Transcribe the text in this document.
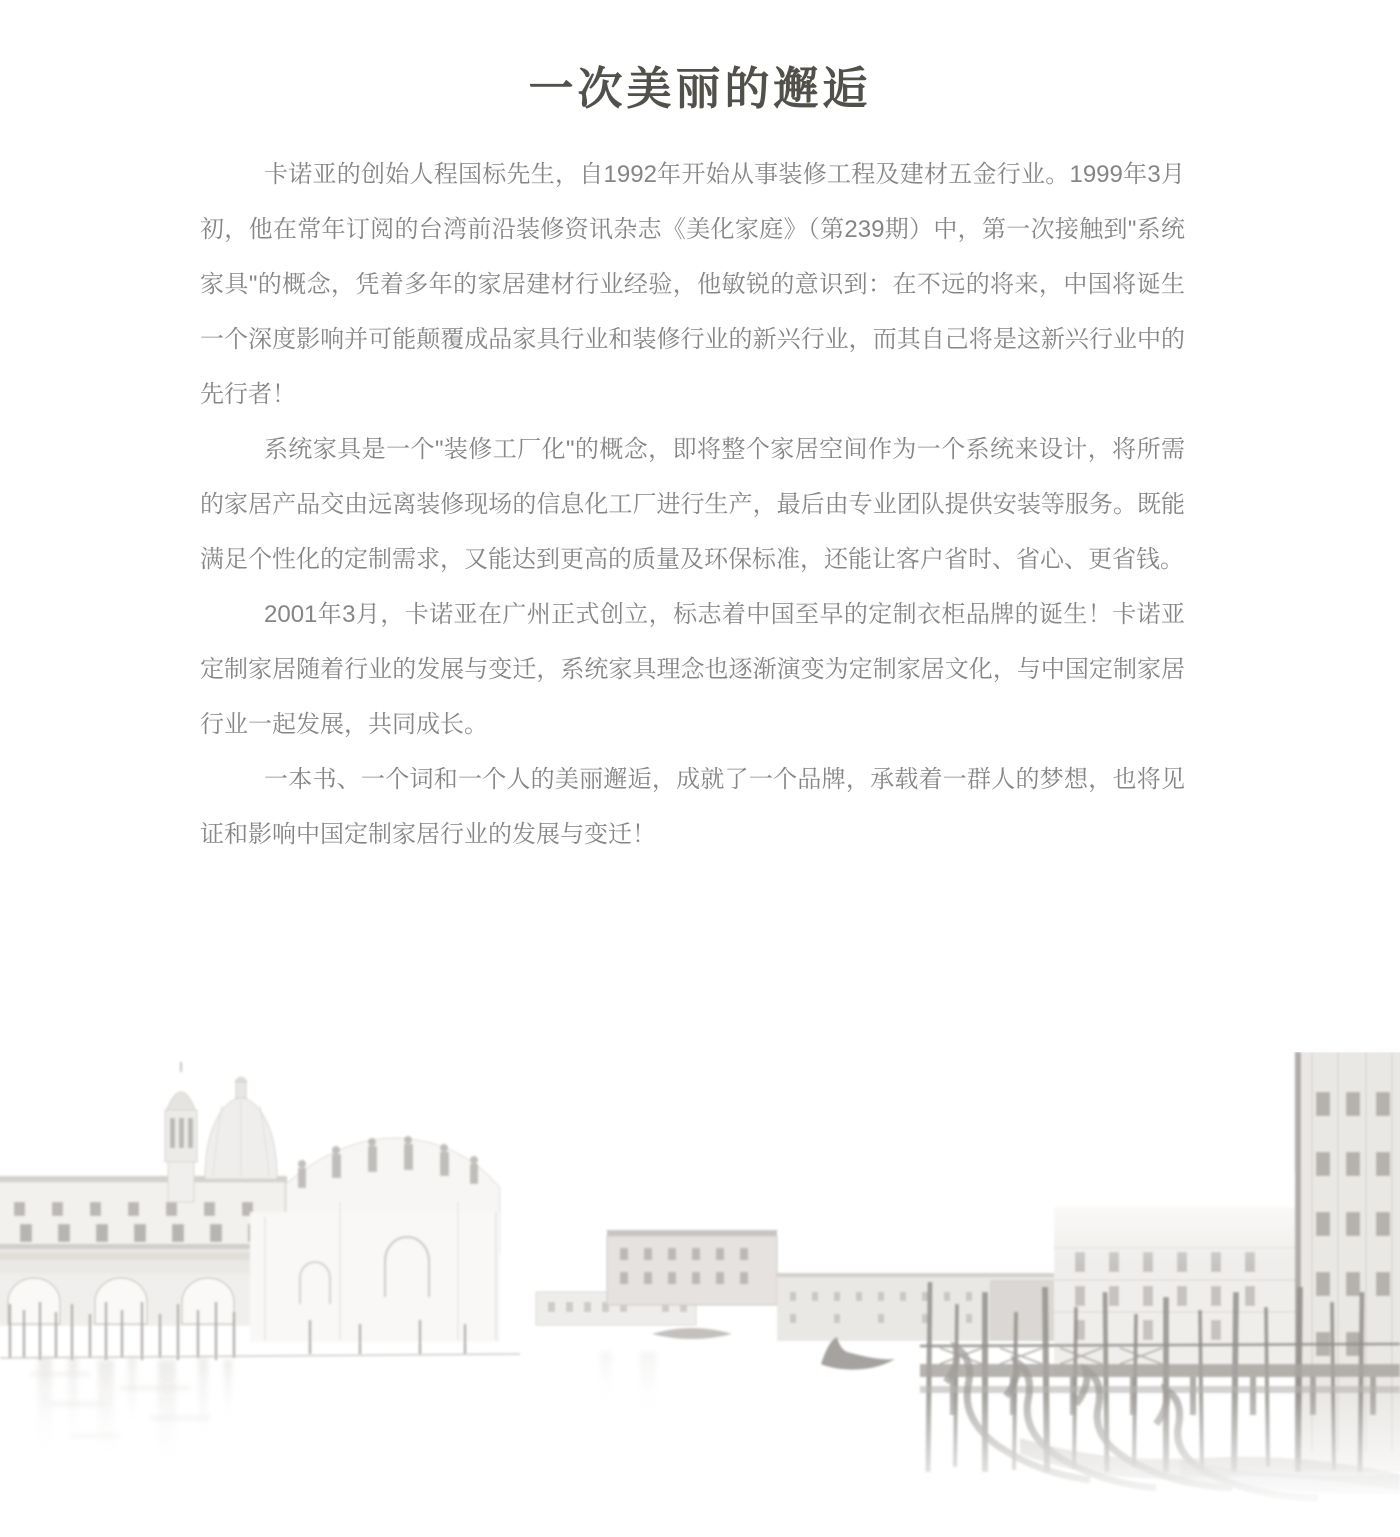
一次美丽的邂逅

卡诺亚的创始人程国标先生，自1992年开始从事装修工程及建材五金行业。1999年3月初，他在常年订阅的台湾前沿装修资讯杂志《美化家庭》（第239期）中，第一次接触到"系统家具"的概念，凭着多年的家居建材行业经验，他敏锐的意识到：在不远的将来，中国将诞生一个深度影响并可能颠覆成品家具行业和装修行业的新兴行业，而其自己将是这新兴行业中的先行者！

系统家具是一个"装修工厂化"的概念，即将整个家居空间作为一个系统来设计，将所需的家居产品交由远离装修现场的信息化工厂进行生产，最后由专业团队提供安装等服务。既能满足个性化的定制需求，又能达到更高的质量及环保标准，还能让客户省时、省心、更省钱。

2001年3月，卡诺亚在广州正式创立，标志着中国至早的定制衣柜品牌的诞生！卡诺亚定制家居随着行业的发展与变迁，系统家具理念也逐渐演变为定制家居文化，与中国定制家居行业一起发展，共同成长。

一本书、一个词和一个人的美丽邂逅，成就了一个品牌，承载着一群人的梦想，也将见证和影响中国定制家居行业的发展与变迁！
